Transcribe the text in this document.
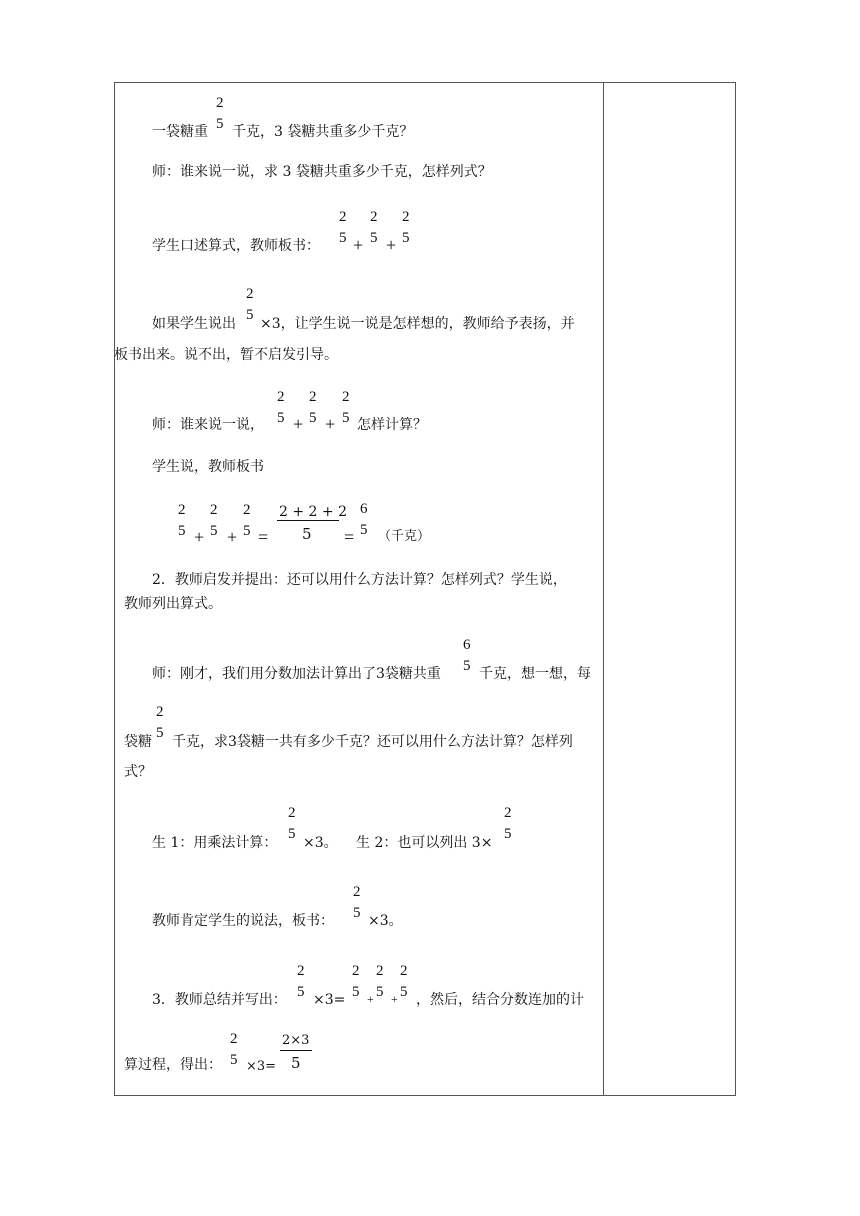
一袋糖重
2
5 千克，3 袋糖共重多少千克？
师：谁来说一说，求 3 袋糖共重多少千克，怎样列式？
学生口述算式，教师板书：
2
5 +
2
5 +
2
5
如果学生说出
2
5
×3，让学生说一说是怎样想的，教师给予表扬，并
板书出来。说不出，暂不启发引导。
师：谁来说一说，
2
5 +
2
5 +
2
5 怎样计算？
学生说，教师板书
2
5 +
2
5 +
2
5 =
2 + 2 + 2
5 =
6
5 （千克）
2．教师启发并提出：还可以用什么方法计算？怎样列式？学生说，
教师列出算式。
师：刚才，我们用分数加法计算出了3袋糖共重
6
5 千克，想一想，每
袋糖
2
5
千克，求3袋糖一共有多少千克？还可以用什么方法计算？怎样列
式？
生 1：用乘法计算：
2
5
×3。 生 2：也可以列出 3×
2
5
教师肯定学生的说法，板书：
2
5 ×3。
3．教师总结并写出：
2
5 ×3=
2
5 +
2
5 +
2
5 ，然后，结合分数连加的计
算过程，得出：
2
5 ×3=
2×3
5
